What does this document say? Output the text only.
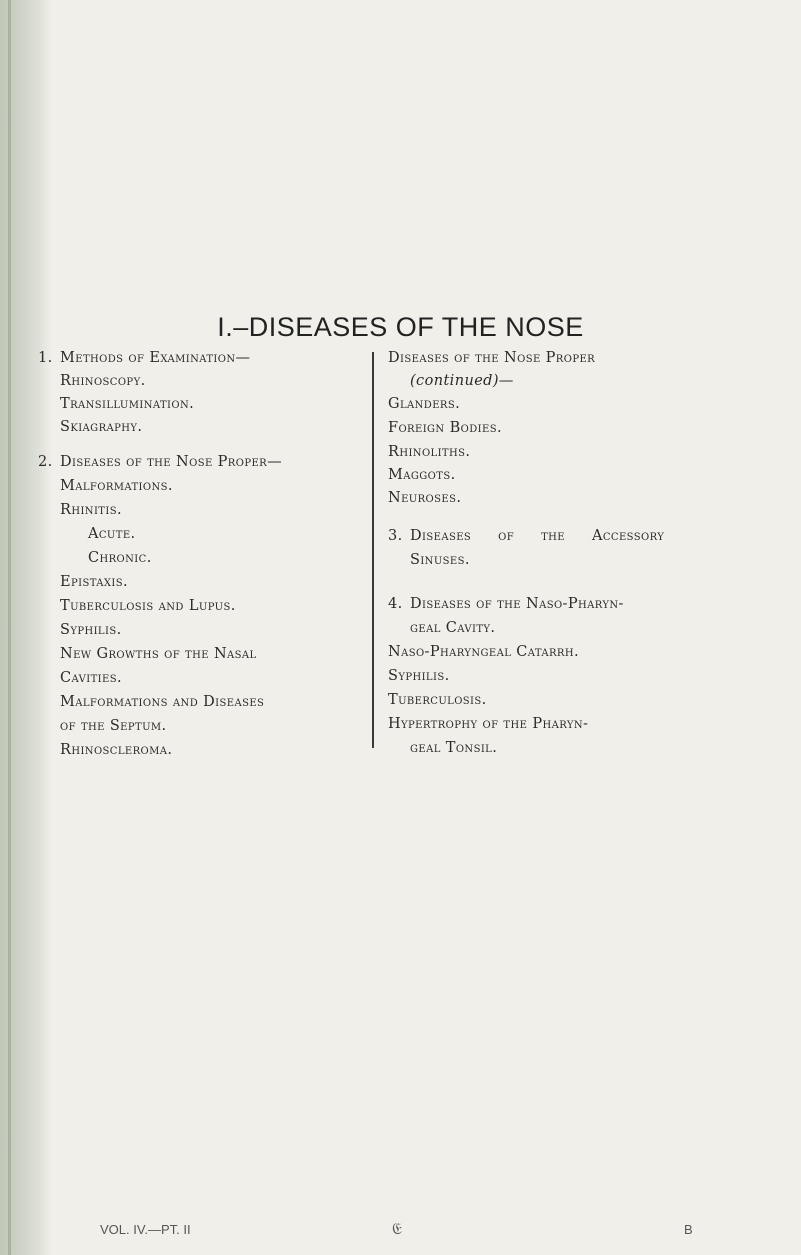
I.–DISEASES OF THE NOSE
1. Methods of Examination—
Rhinoscopy.
Transillumination.
Skiagraphy.
2. Diseases of the Nose Proper—
Malformations.
Rhinitis.
Acute.
Chronic.
Epistaxis.
Tuberculosis and Lupus.
Syphilis.
New Growths of the Nasal
Cavities.
Malformations and Diseases
of the Septum.
Rhinoscleroma.
Diseases of the Nose Proper
(continued)—
Glanders.
Foreign Bodies.
Rhinoliths.
Maggots.
Neuroses.
3. Diseases of the Accessory
Sinuses.
4. Diseases of the Naso-Pharyn-
geal Cavity.
Naso-Pharyngeal Catarrh.
Syphilis.
Tuberculosis.
Hypertrophy of the Pharyn-
geal Tonsil.
VOL. IV.—PT. II	𝔈	B
